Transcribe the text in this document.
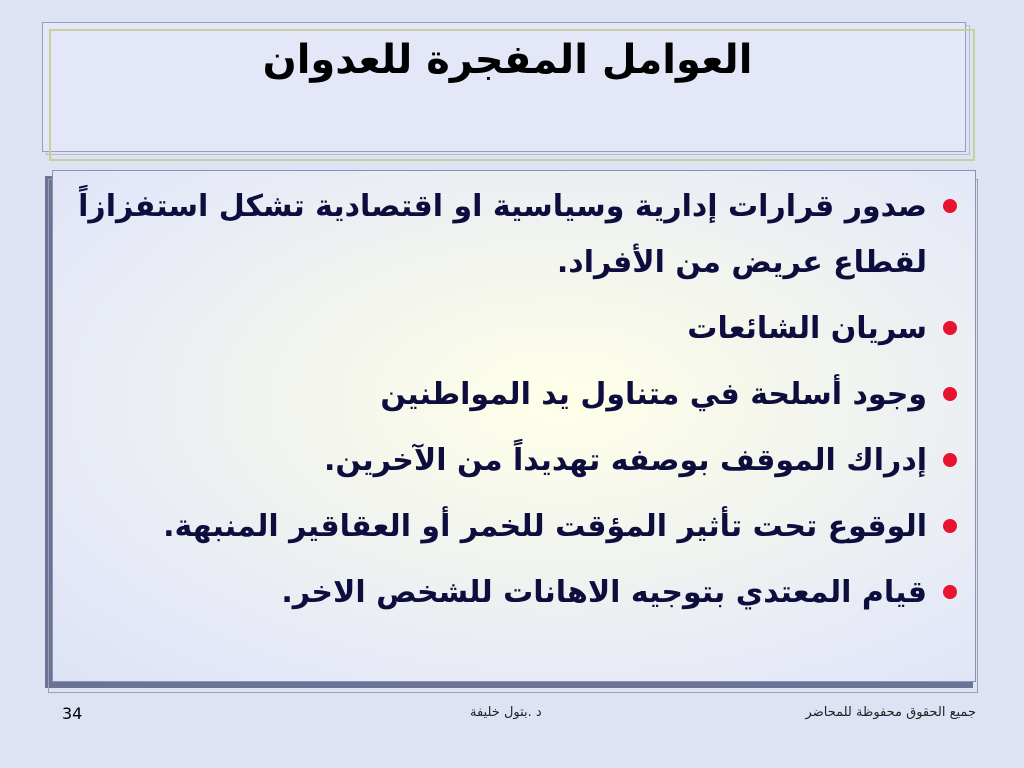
العوامل المفجرة للعدوان
صدور قرارات إدارية وسياسية او اقتصادية تشكل استفزازاً لقطاع عريض من الأفراد.
سريان الشائعات
وجود أسلحة في متناول يد المواطنين
إدراك الموقف بوصفه تهديداً من الآخرين.
الوقوع تحت تأثير المؤقت للخمر أو العقاقير المنبهة.
قيام المعتدي بتوجيه الاهانات للشخص الاخر.
جميع الحقوق محفوظة للمحاضر
د .بتول خليفة
34
